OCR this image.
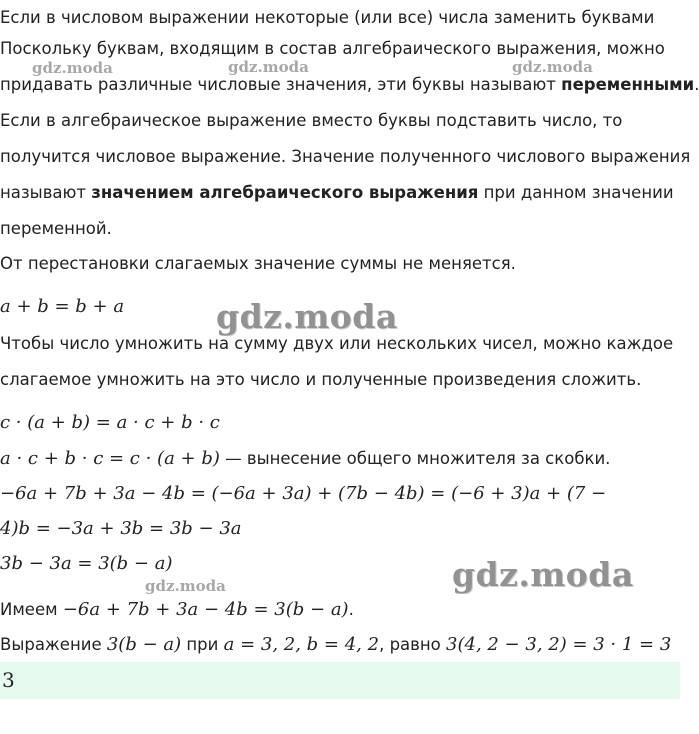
Если в числовом выражении некоторые (или все) числа заменить буквами
Поскольку буквам, входящим в состав алгебраического выражения, можно
придавать различные числовые значения, эти буквы называют переменными.
Если в алгебраическое выражение вместо буквы подставить число, то
получится числовое выражение. Значение полученного числового выражения
называют значением алгебраического выражения при данном значении
переменной.
От перестановки слагаемых значение суммы не меняется.
a + b = b + a
Чтобы число умножить на сумму двух или нескольких чисел, можно каждое
слагаемое умножить на это число и полученные произведения сложить.
c · (a + b) = a · c + b · c
a · c + b · c = c · (a + b) — вынесение общего множителя за скобки.
−6a + 7b + 3a − 4b = (−6a + 3a) + (7b − 4b) = (−6 + 3)a + (7 −
4)b = −3a + 3b = 3b − 3a
3b − 3a = 3(b − a)
Имеем −6a + 7b + 3a − 4b = 3(b − a).
Выражение 3(b − a) при a = 3, 2, b = 4, 2, равно 3(4, 2 − 3, 2) = 3 · 1 = 3
3
gdz.moda	gdz.moda	gdz.moda
gdz.moda
gdz.moda
gdz.moda
